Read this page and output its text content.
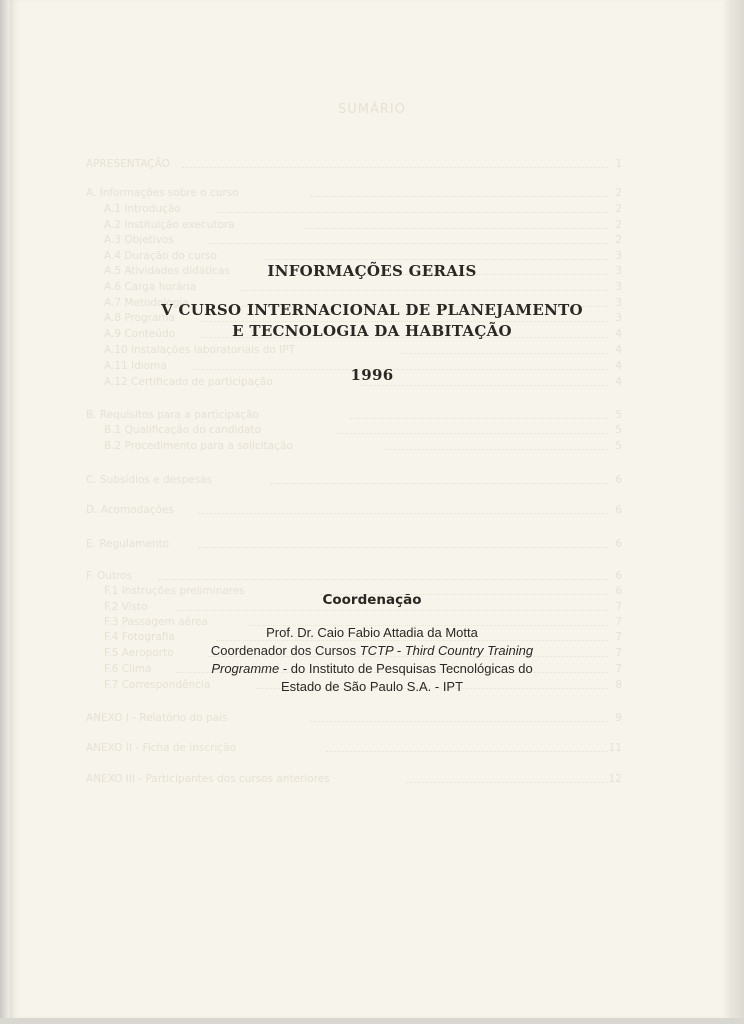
SUMÁRIO
APRESENTAÇÃO	1
A. Informações sobre o curso	2
A.1 Introdução	2
A.2 Instituição executora	2
A.3 Objetivos	2
A.4 Duração do curso	3
A.5 Atividades didáticas	3
A.6 Carga horária	3
A.7 Metodologia	3
A.8 Programa	3
A.9 Conteúdo	4
A.10 Instalações laboratoriais do IPT	4
A.11 Idioma	4
A.12 Certificado de participação	4
B. Requisitos para a participação	5
B.1 Qualificação do candidato	5
B.2 Procedimento para a solicitação	5
C. Subsídios e despesas	6
D. Acomodações	6
E. Regulamento	6
F. Outros	6
F.1 Instruções preliminares	6
F.2 Visto	7
F.3 Passagem aérea	7
F.4 Fotografia	7
F.5 Aeroporto	7
F.6 Clima	7
F.7 Correspondência	8
ANEXO I - Relatório do país	9
ANEXO II - Ficha de inscrição	11
ANEXO III - Participantes dos cursos anteriores	12
INFORMAÇÕES GERAIS
V CURSO INTERNACIONAL DE PLANEJAMENTO
E TECNOLOGIA DA HABITAÇÃO
1996
Coordenação
Prof. Dr. Caio Fabio Attadia da Motta
Coordenador dos Cursos TCTP - Third Country Training
Programme - do Instituto de Pesquisas Tecnológicas do
Estado de São Paulo S.A. - IPT
